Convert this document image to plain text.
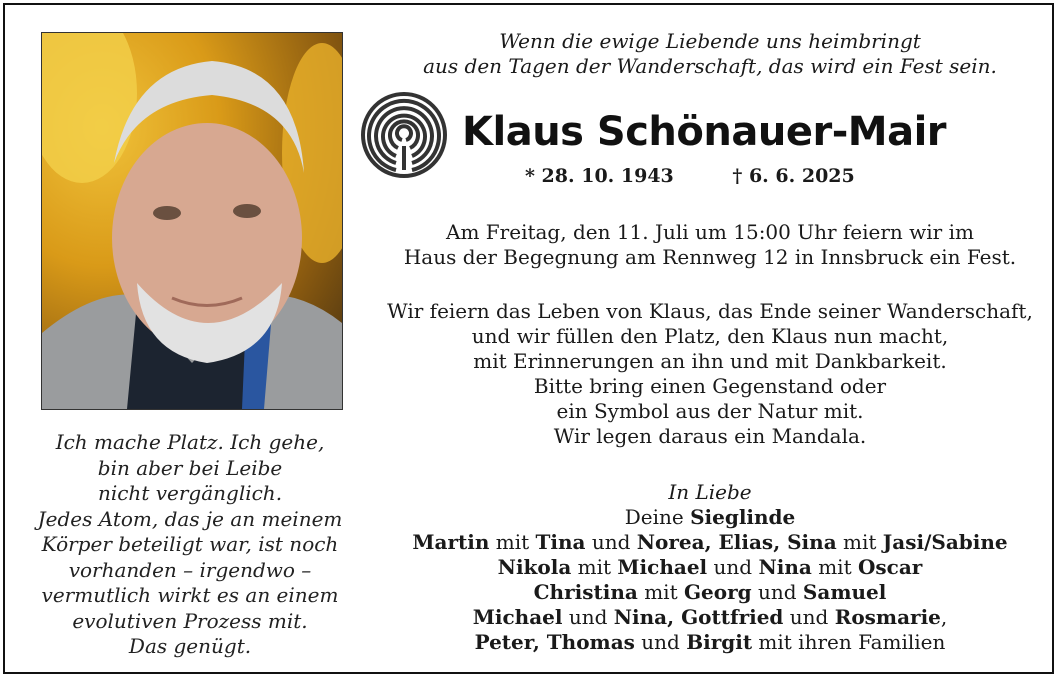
Ich mache Platz. Ich gehe,
bin aber bei Leibe
nicht vergänglich.
Jedes Atom, das je an meinem
Körper beteiligt war, ist noch
vorhanden – irgendwo –
vermutlich wirkt es an einem
evolutiven Prozess mit.
Das genügt.
Wenn die ewige Liebende uns heimbringt
aus den Tagen der Wanderschaft, das wird ein Fest sein.
Klaus Schönauer-Mair
* 28. 10. 1943	† 6. 6. 2025
Am Freitag, den 11. Juli um 15:00 Uhr feiern wir im
Haus der Begegnung am Rennweg 12 in Innsbruck ein Fest.
Wir feiern das Leben von Klaus, das Ende seiner Wanderschaft,
und wir füllen den Platz, den Klaus nun macht,
mit Erinnerungen an ihn und mit Dankbarkeit.
Bitte bring einen Gegenstand oder
ein Symbol aus der Natur mit.
Wir legen daraus ein Mandala.
In Liebe
Deine Sieglinde
Martin mit Tina und Norea, Elias, Sina mit Jasi/Sabine
Nikola mit Michael und Nina mit Oscar
Christina mit Georg und Samuel
Michael und Nina, Gottfried und Rosmarie,
Peter, Thomas und Birgit mit ihren Familien
